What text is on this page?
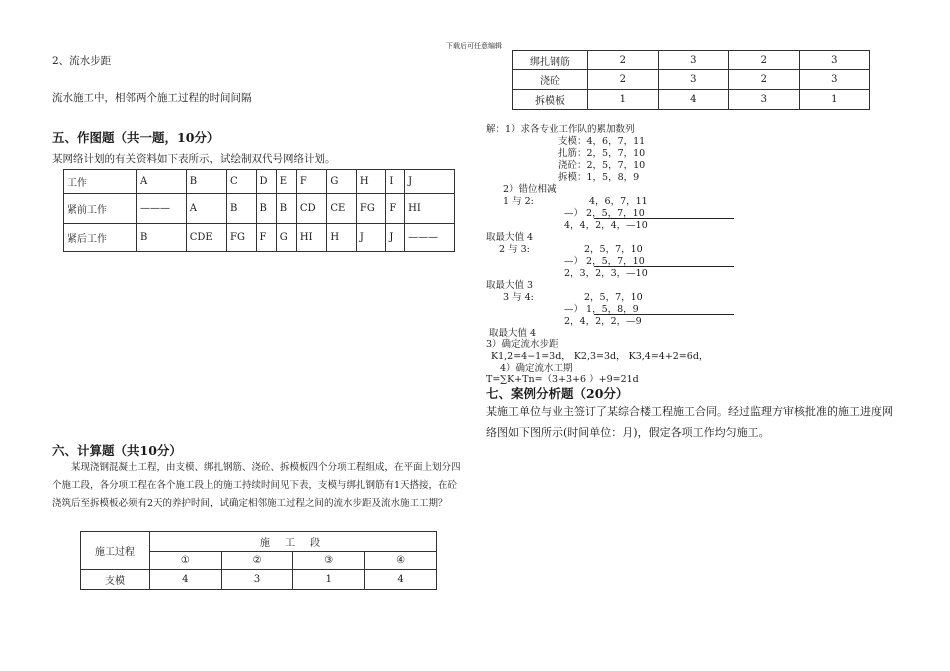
下载后可任意编辑
2、流水步距
流水施工中，相邻两个施工过程的时间间隔
五、作图题（共一题，10分）
某网络计划的有关资料如下表所示，试绘制双代号网络计划。
工作	A	B	C	D	E	F	G	H	I	J
紧前工作	———	A	B	B	B	CD	CE	FG	F	HI
紧后工作	B	CDE	FG	F	G	HI	H	J	J	———
六、计算题（共10分）
某现浇钢混凝土工程，由支模、绑扎钢筋、浇砼、拆模板四个分项工程组成，在平面上划分四个施工段，各分项工程在各个施工段上的施工持续时间见下表，支模与绑扎钢筋有1天搭接，在砼浇筑后至拆模板必须有2天的养护时间，试确定相邻施工过程之间的流水步距及流水施工工期？
施工过程	施 工 段			
	①	②	③	④
支模	4	3	1	4
绑扎钢筋	2	3	2	3
浇砼	2	3	2	3
拆模板	1	4	3	1
解：1）求各专业工作队的累加数列
支模：4，6，7，11
扎筋：2，5，7，10
浇砼：2，5，7，10
拆模：1，5，8，9
2）错位相减
1 与 2:	4，6，7，11
—） 2，5，7，10
4，4，2，4，—10
取最大值 4
2 与 3:	2，5，7，10
—） 2，5，7，10
2，3，2，3，—10
取最大值 3
3 与 4:	2，5，7，10
—） 1，5，8，9
2，4，2，2，—9
取最大值 4
3）确定流水步距
K1,2=4−1=3d， K2,3=3d， K3,4=4+2=6d，
4）确定流水工期
T=∑K+Tn=（3+3+6 ）+9=21d
七、案例分析题（20分）
某施工单位与业主签订了某综合楼工程施工合同。经过监理方审核批准的施工进度网络图如下图所示(时间单位：月)，假定各项工作均匀施工。
